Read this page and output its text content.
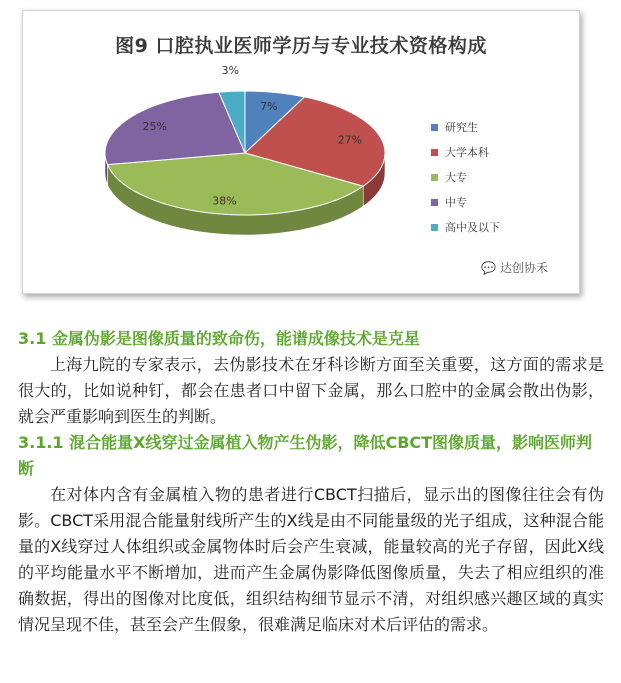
图9 口腔执业医师学历与专业技术资格构成
7%
27%
38%
25%
3%
研究生
大学本科
大专
中专
高中及以下
💬 达创协禾
3.1 金属伪影是图像质量的致命伤，能谱成像技术是克星
上海九院的专家表示，去伪影技术在牙科诊断方面至关重要，这方面的需求是很大的，比如说种钉，都会在患者口中留下金属，那么口腔中的金属会散出伪影，就会严重影响到医生的判断。
3.1.1 混合能量X线穿过金属植入物产生伪影，降低CBCT图像质量，影响医师判断
在对体内含有金属植入物的患者进行CBCT扫描后，显示出的图像往往会有伪影。CBCT采用混合能量射线所产生的X线是由不同能量级的光子组成，这种混合能量的X线穿过人体组织或金属物体时后会产生衰减，能量较高的光子存留，因此X线的平均能量水平不断增加，进而产生金属伪影降低图像质量，失去了相应组织的准确数据，得出的图像对比度低，组织结构细节显示不清，对组织感兴趣区域的真实情况呈现不佳，甚至会产生假象，很难满足临床对术后评估的需求。
